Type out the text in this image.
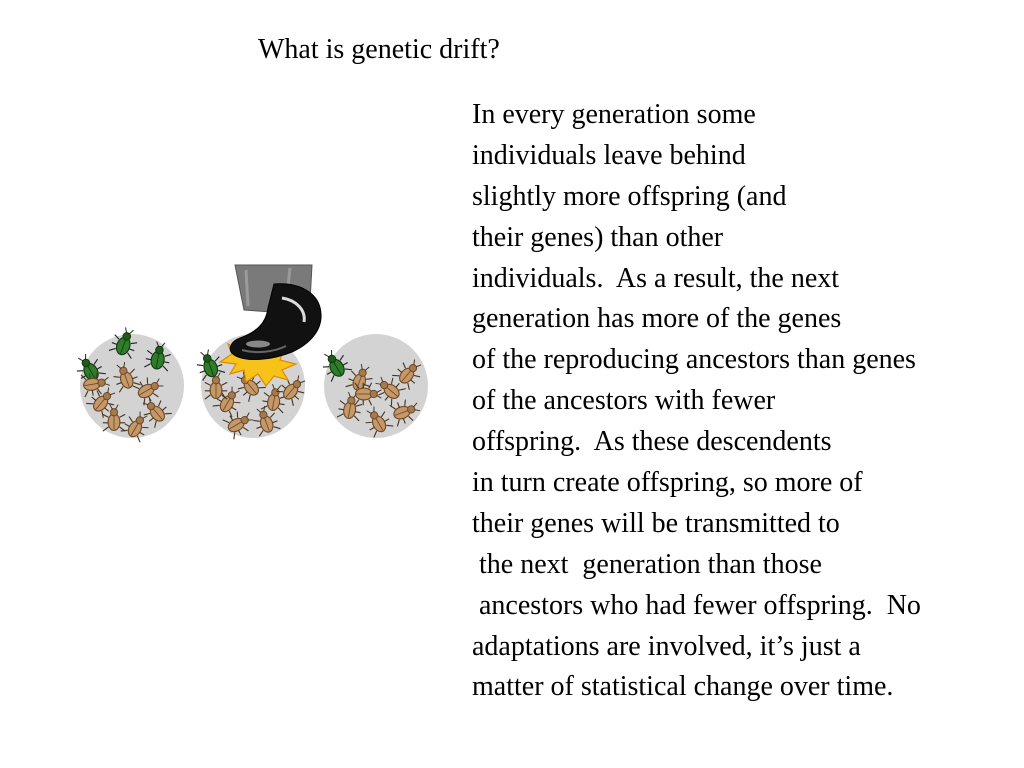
What is genetic drift?
In every generation some
individuals leave behind
slightly more offspring (and
their genes) than other
individuals.  As a result, the next
generation has more of the genes
of the reproducing ancestors than genes
of the ancestors with fewer
offspring.  As these descendents
in turn create offspring, so more of
their genes will be transmitted to
the next  generation than those
ancestors who had fewer offspring.  No
adaptations are involved, it’s just a
matter of statistical change over time.
